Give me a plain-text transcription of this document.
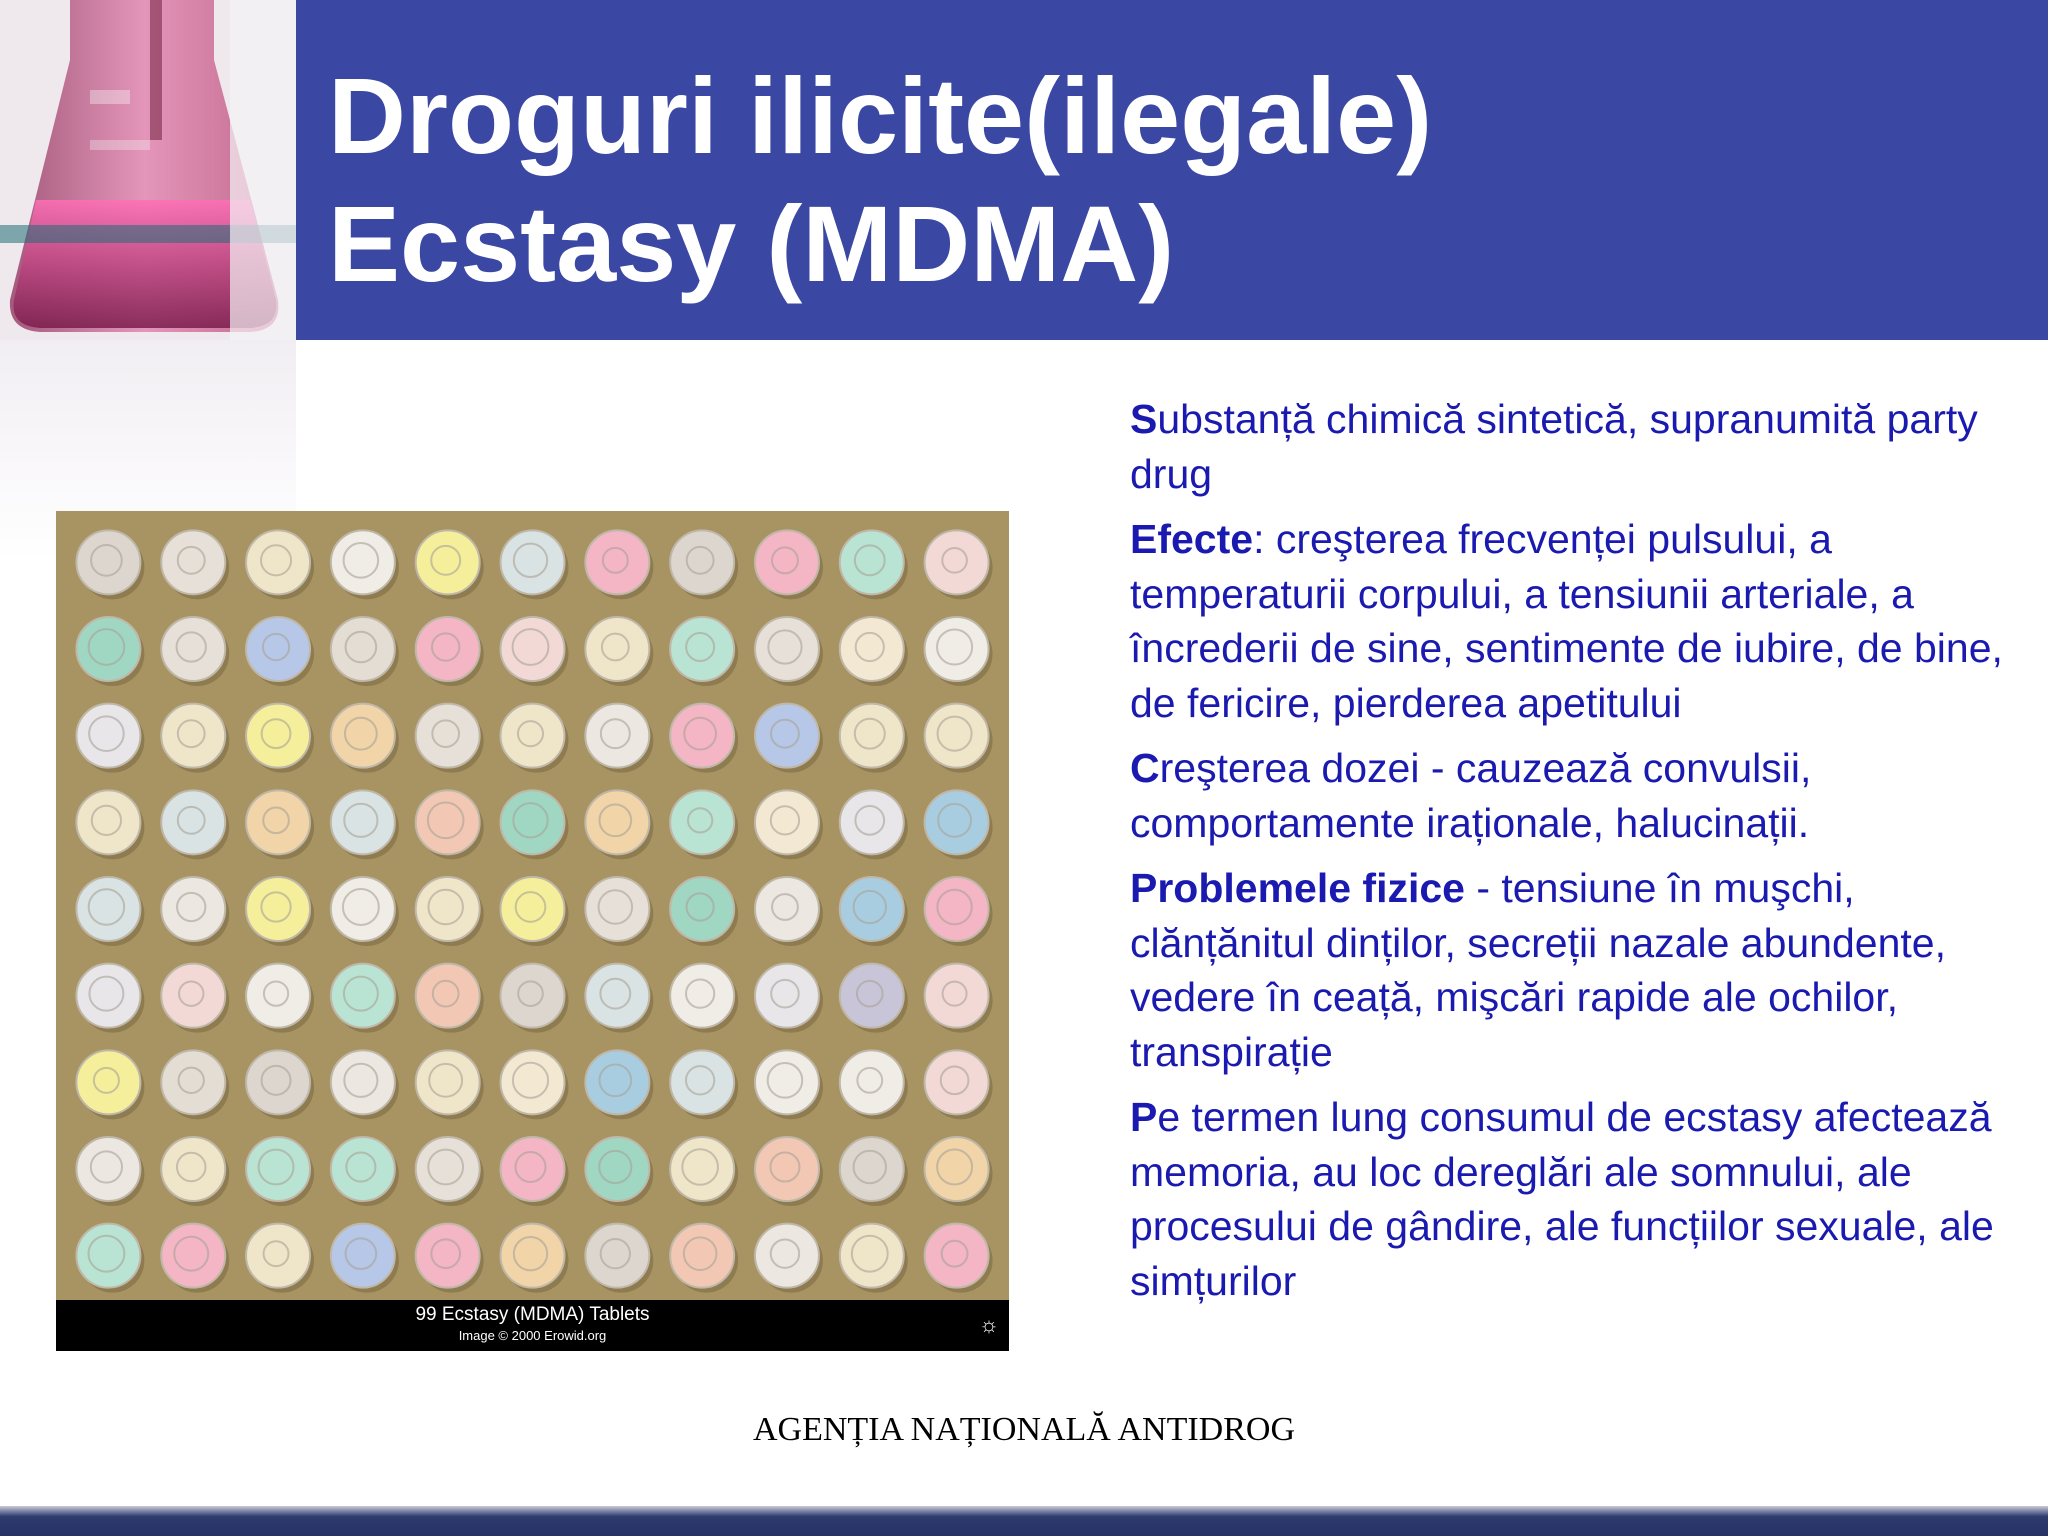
Droguri ilicite(ilegale)
Ecstasy (MDMA)
99 Ecstasy (MDMA) Tablets
Image © 2000 Erowid.org	☼
Substanță chimică sintetică, supranumită party drug
Efecte: creşterea frecvenței pulsului, a temperaturii corpului, a tensiunii arteriale, a încrederii de sine, sentimente de iubire, de bine, de fericire, pierderea apetitului
Creşterea dozei - cauzează convulsii, comportamente iraționale, halucinații.
Problemele fizice - tensiune în muşchi, clănțănitul dinților, secreții nazale abundente, vedere în ceață, mişcări rapide ale ochilor, transpirație
Pe termen lung consumul de ecstasy afectează memoria, au loc dereglări ale somnului, ale procesului de gândire, ale funcțiilor sexuale, ale simțurilor
AGENȚIA NAȚIONALĂ ANTIDROG
